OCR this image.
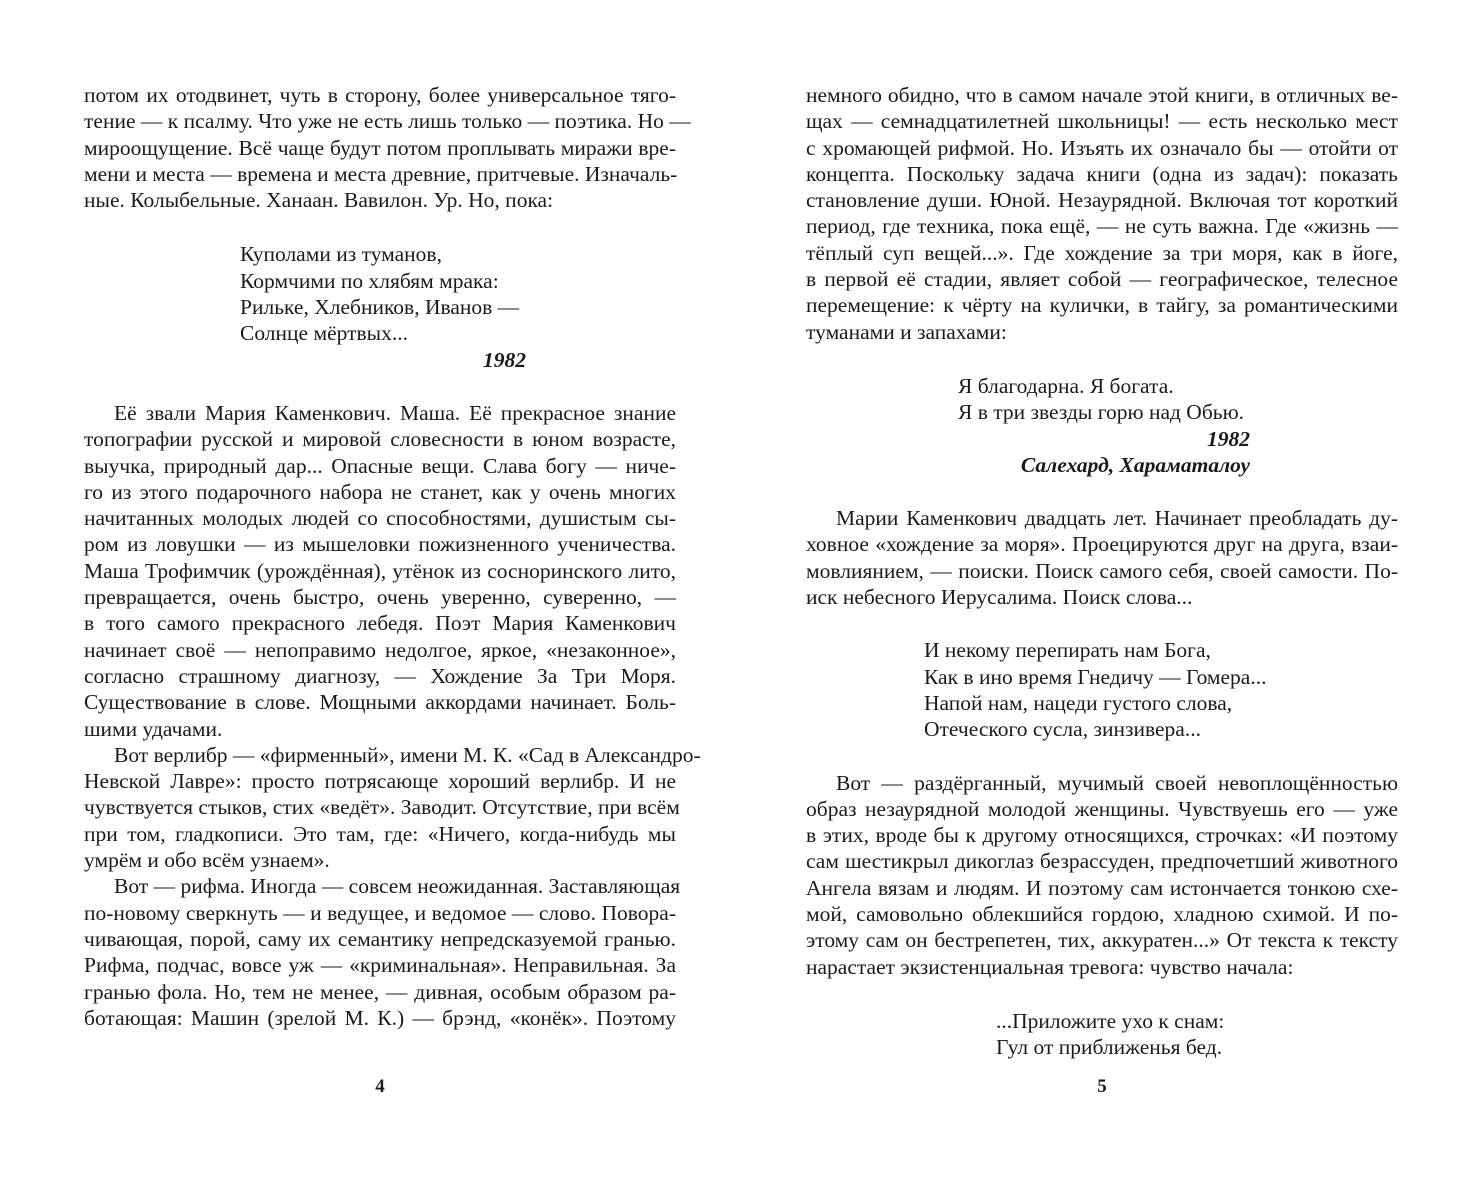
потом их отодвинет, чуть в сторону, более универсальное тяго-
тение — к псалму. Что уже не есть лишь только — поэтика. Но —
мироощущение. Всё чаще будут потом проплывать миражи вре-
мени и места — времена и места древние, притчевые. Изначаль-
ные. Колыбельные. Ханаан. Вавилон. Ур. Но, пока:
Куполами из туманов,
Кормчими по хлябям мрака:
Рильке, Хлебников, Иванов —
Солнце мёртвых...
1982
Её звали Мария Каменкович. Маша. Её прекрасное знание
топографии русской и мировой словесности в юном возрасте,
выучка, природный дар... Опасные вещи. Слава богу — ниче-
го из этого подарочного набора не станет, как у очень многих
начитанных молодых людей со способностями, душистым сы-
ром из ловушки — из мышеловки пожизненного ученичества.
Маша Трофимчик (урождённая), утёнок из сосноринского лито,
превращается, очень быстро, очень уверенно, суверенно, —
в того самого прекрасного лебедя. Поэт Мария Каменкович
начинает своё — непоправимо недолгое, яркое, «незаконное»,
согласно страшному диагнозу, — Хождение За Три Моря.
Существование в слове. Мощными аккордами начинает. Боль-
шими удачами.
Вот верлибр — «фирменный», имени М. К. «Сад в Александро-
Невской Лавре»: просто потрясающе хороший верлибр. И не
чувствуется стыков, стих «ведёт». Заводит. Отсутствие, при всём
при том, гладкописи. Это там, где: «Ничего, когда-нибудь мы
умрём и обо всём узнаем».
Вот — рифма. Иногда — совсем неожиданная. Заставляющая
по-новому сверкнуть — и ведущее, и ведомое — слово. Повора-
чивающая, порой, саму их семантику непредсказуемой гранью.
Рифма, подчас, вовсе уж — «криминальная». Неправильная. За
гранью фола. Но, тем не менее, — дивная, особым образом ра-
ботающая: Машин (зрелой М. К.) — брэнд, «конёк». Поэтому
4
немного обидно, что в самом начале этой книги, в отличных ве-
щах — семнадцатилетней школьницы! — есть несколько мест
с хромающей рифмой. Но. Изъять их означало бы — отойти от
концепта. Поскольку задача книги (одна из задач): показать
становление души. Юной. Незаурядной. Включая тот короткий
период, где техника, пока ещё, — не суть важна. Где «жизнь —
тёплый суп вещей...». Где хождение за три моря, как в йоге,
в первой её стадии, являет собой — географическое, телесное
перемещение: к чёрту на кулички, в тайгу, за романтическими
туманами и запахами:
Я благодарна. Я богата.
Я в три звезды горю над Обью.
1982
Салехард, Хараматалоу
Марии Каменкович двадцать лет. Начинает преобладать ду-
ховное «хождение за моря». Проецируются друг на друга, взаи-
мовлиянием, — поиски. Поиск самого себя, своей самости. По-
иск небесного Иерусалима. Поиск слова...
И некому перепирать нам Бога,
Как в ино время Гнедичу — Гомера...
Напой нам, нацеди густого слова,
Отеческого сусла, зинзивера...
Вот — раздёрганный, мучимый своей невоплощённостью
образ незаурядной молодой женщины. Чувствуешь его — уже
в этих, вроде бы к другому относящихся, строчках: «И поэтому
сам шестикрыл дикоглаз безрассуден, предпочетший животного
Ангела вязам и людям. И поэтому сам истончается тонкою схе-
мой, самовольно облекшийся гордою, хладною схимой. И по-
этому сам он бестрепетен, тих, аккуратен...» От текста к тексту
нарастает экзистенциальная тревога: чувство начала:
...Приложите ухо к снам:
Гул от приближенья бед.
5
